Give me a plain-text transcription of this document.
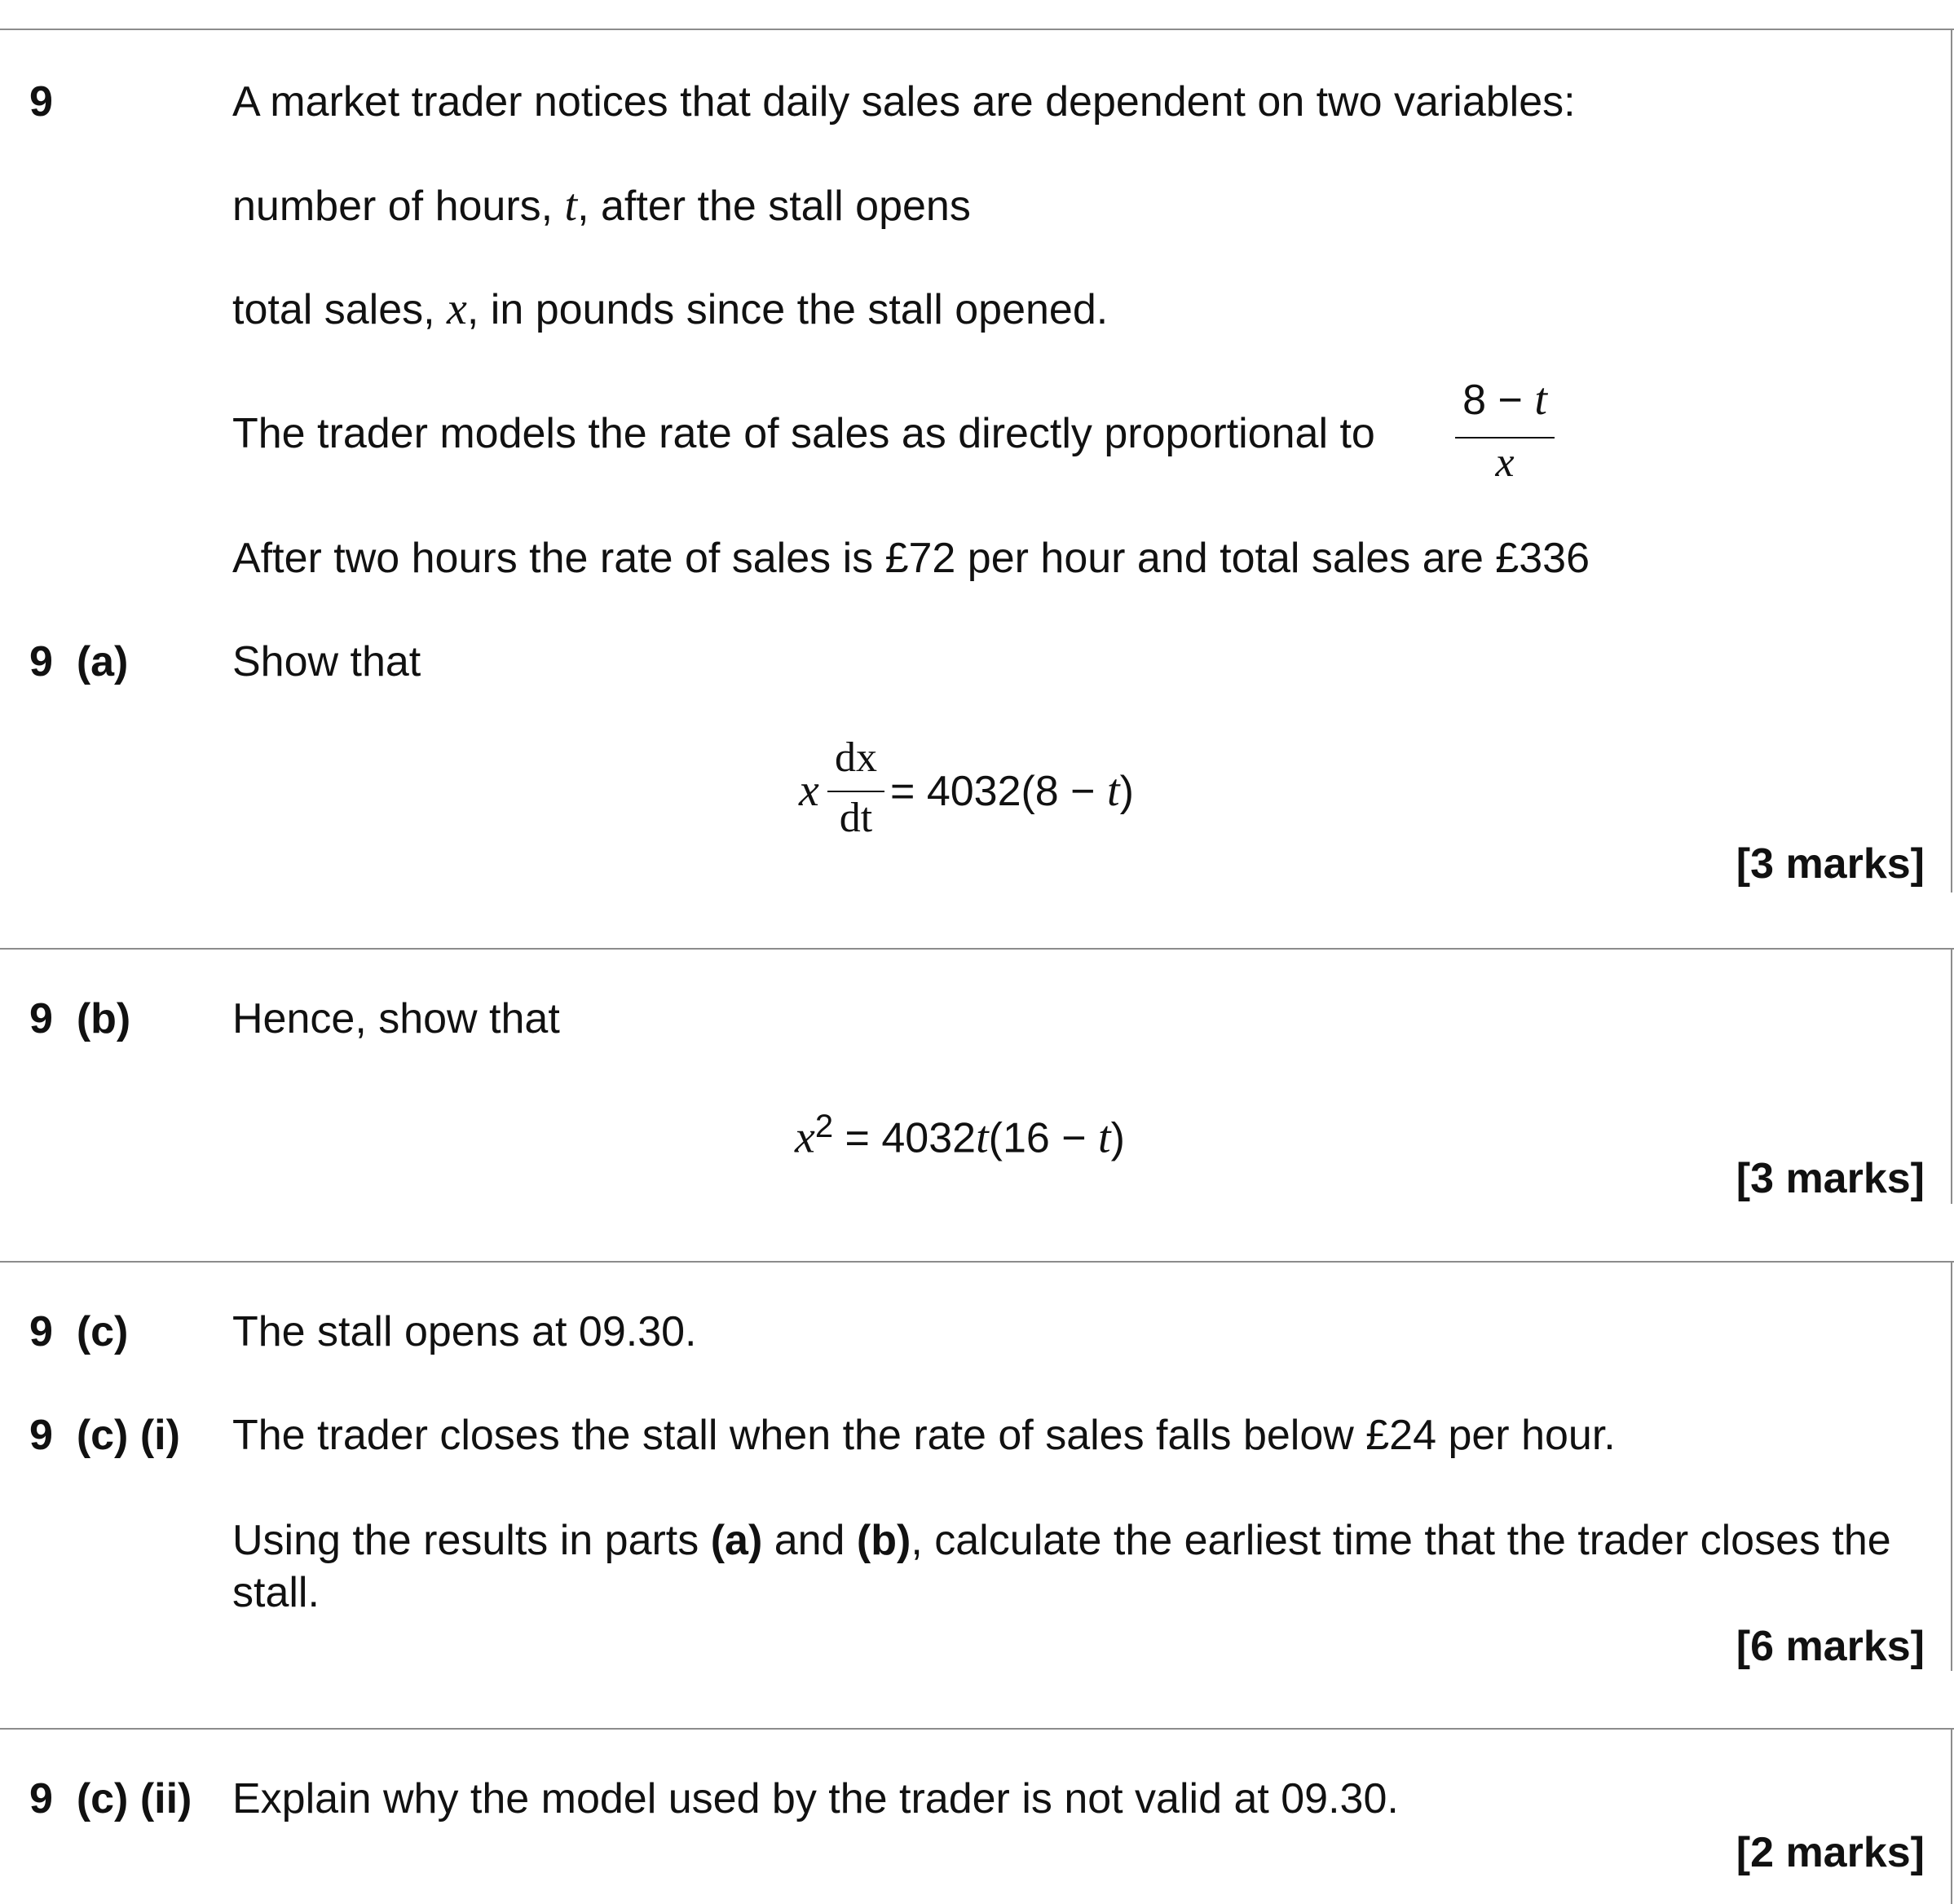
9	A market trader notices that daily sales are dependent on two variables:
number of hours, t, after the stall opens
total sales, x, in pounds since the stall opened.
The trader models the rate of sales as directly proportional to
8 − t
x
After two hours the rate of sales is £72 per hour and total sales are £336
9  (a) Show that
x
dx
dt
= 4032(8 − t)
[3 marks]
9  (b) Hence, show that
$x^2 = 4032t(16 - t)$
[3 marks]
9  (c) The stall opens at 09.30.
9  (c) (i) The trader closes the stall when the rate of sales falls below £24 per hour.
Using the results in parts (a) and (b), calculate the earliest time that the trader closes the stall.
[6 marks]
9  (c) (ii) Explain why the model used by the trader is not valid at 09.30.
[2 marks]
